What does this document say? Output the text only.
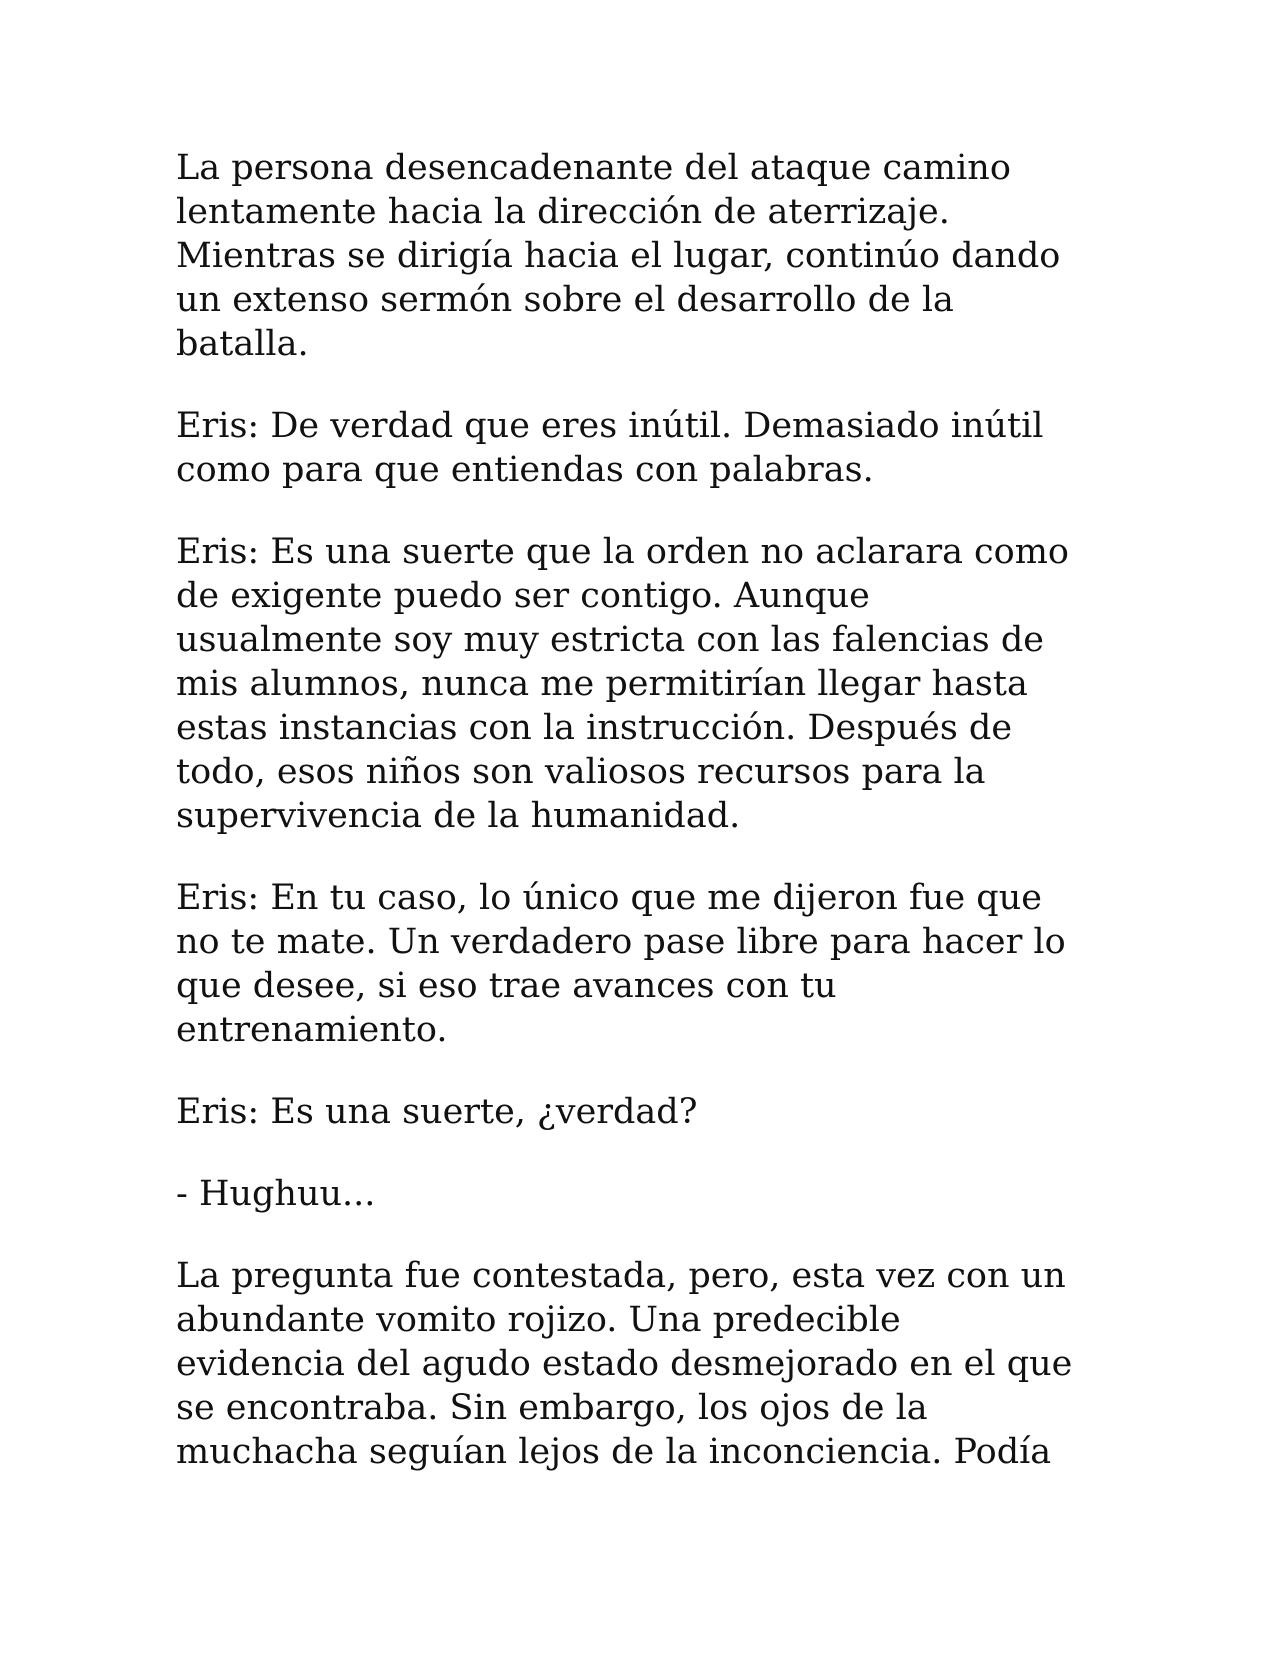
La persona desencadenante del ataque camino
lentamente hacia la dirección de aterrizaje.
Mientras se dirigía hacia el lugar, continúo dando
un extenso sermón sobre el desarrollo de la
batalla.

Eris: De verdad que eres inútil. Demasiado inútil
como para que entiendas con palabras.

Eris: Es una suerte que la orden no aclarara como
de exigente puedo ser contigo. Aunque
usualmente soy muy estricta con las falencias de
mis alumnos, nunca me permitirían llegar hasta
estas instancias con la instrucción. Después de
todo, esos niños son valiosos recursos para la
supervivencia de la humanidad.

Eris: En tu caso, lo único que me dijeron fue que
no te mate. Un verdadero pase libre para hacer lo
que desee, si eso trae avances con tu
entrenamiento.

Eris: Es una suerte, ¿verdad?

- Hughuu...

La pregunta fue contestada, pero, esta vez con un
abundante vomito rojizo. Una predecible
evidencia del agudo estado desmejorado en el que
se encontraba. Sin embargo, los ojos de la
muchacha seguían lejos de la inconciencia. Podía
